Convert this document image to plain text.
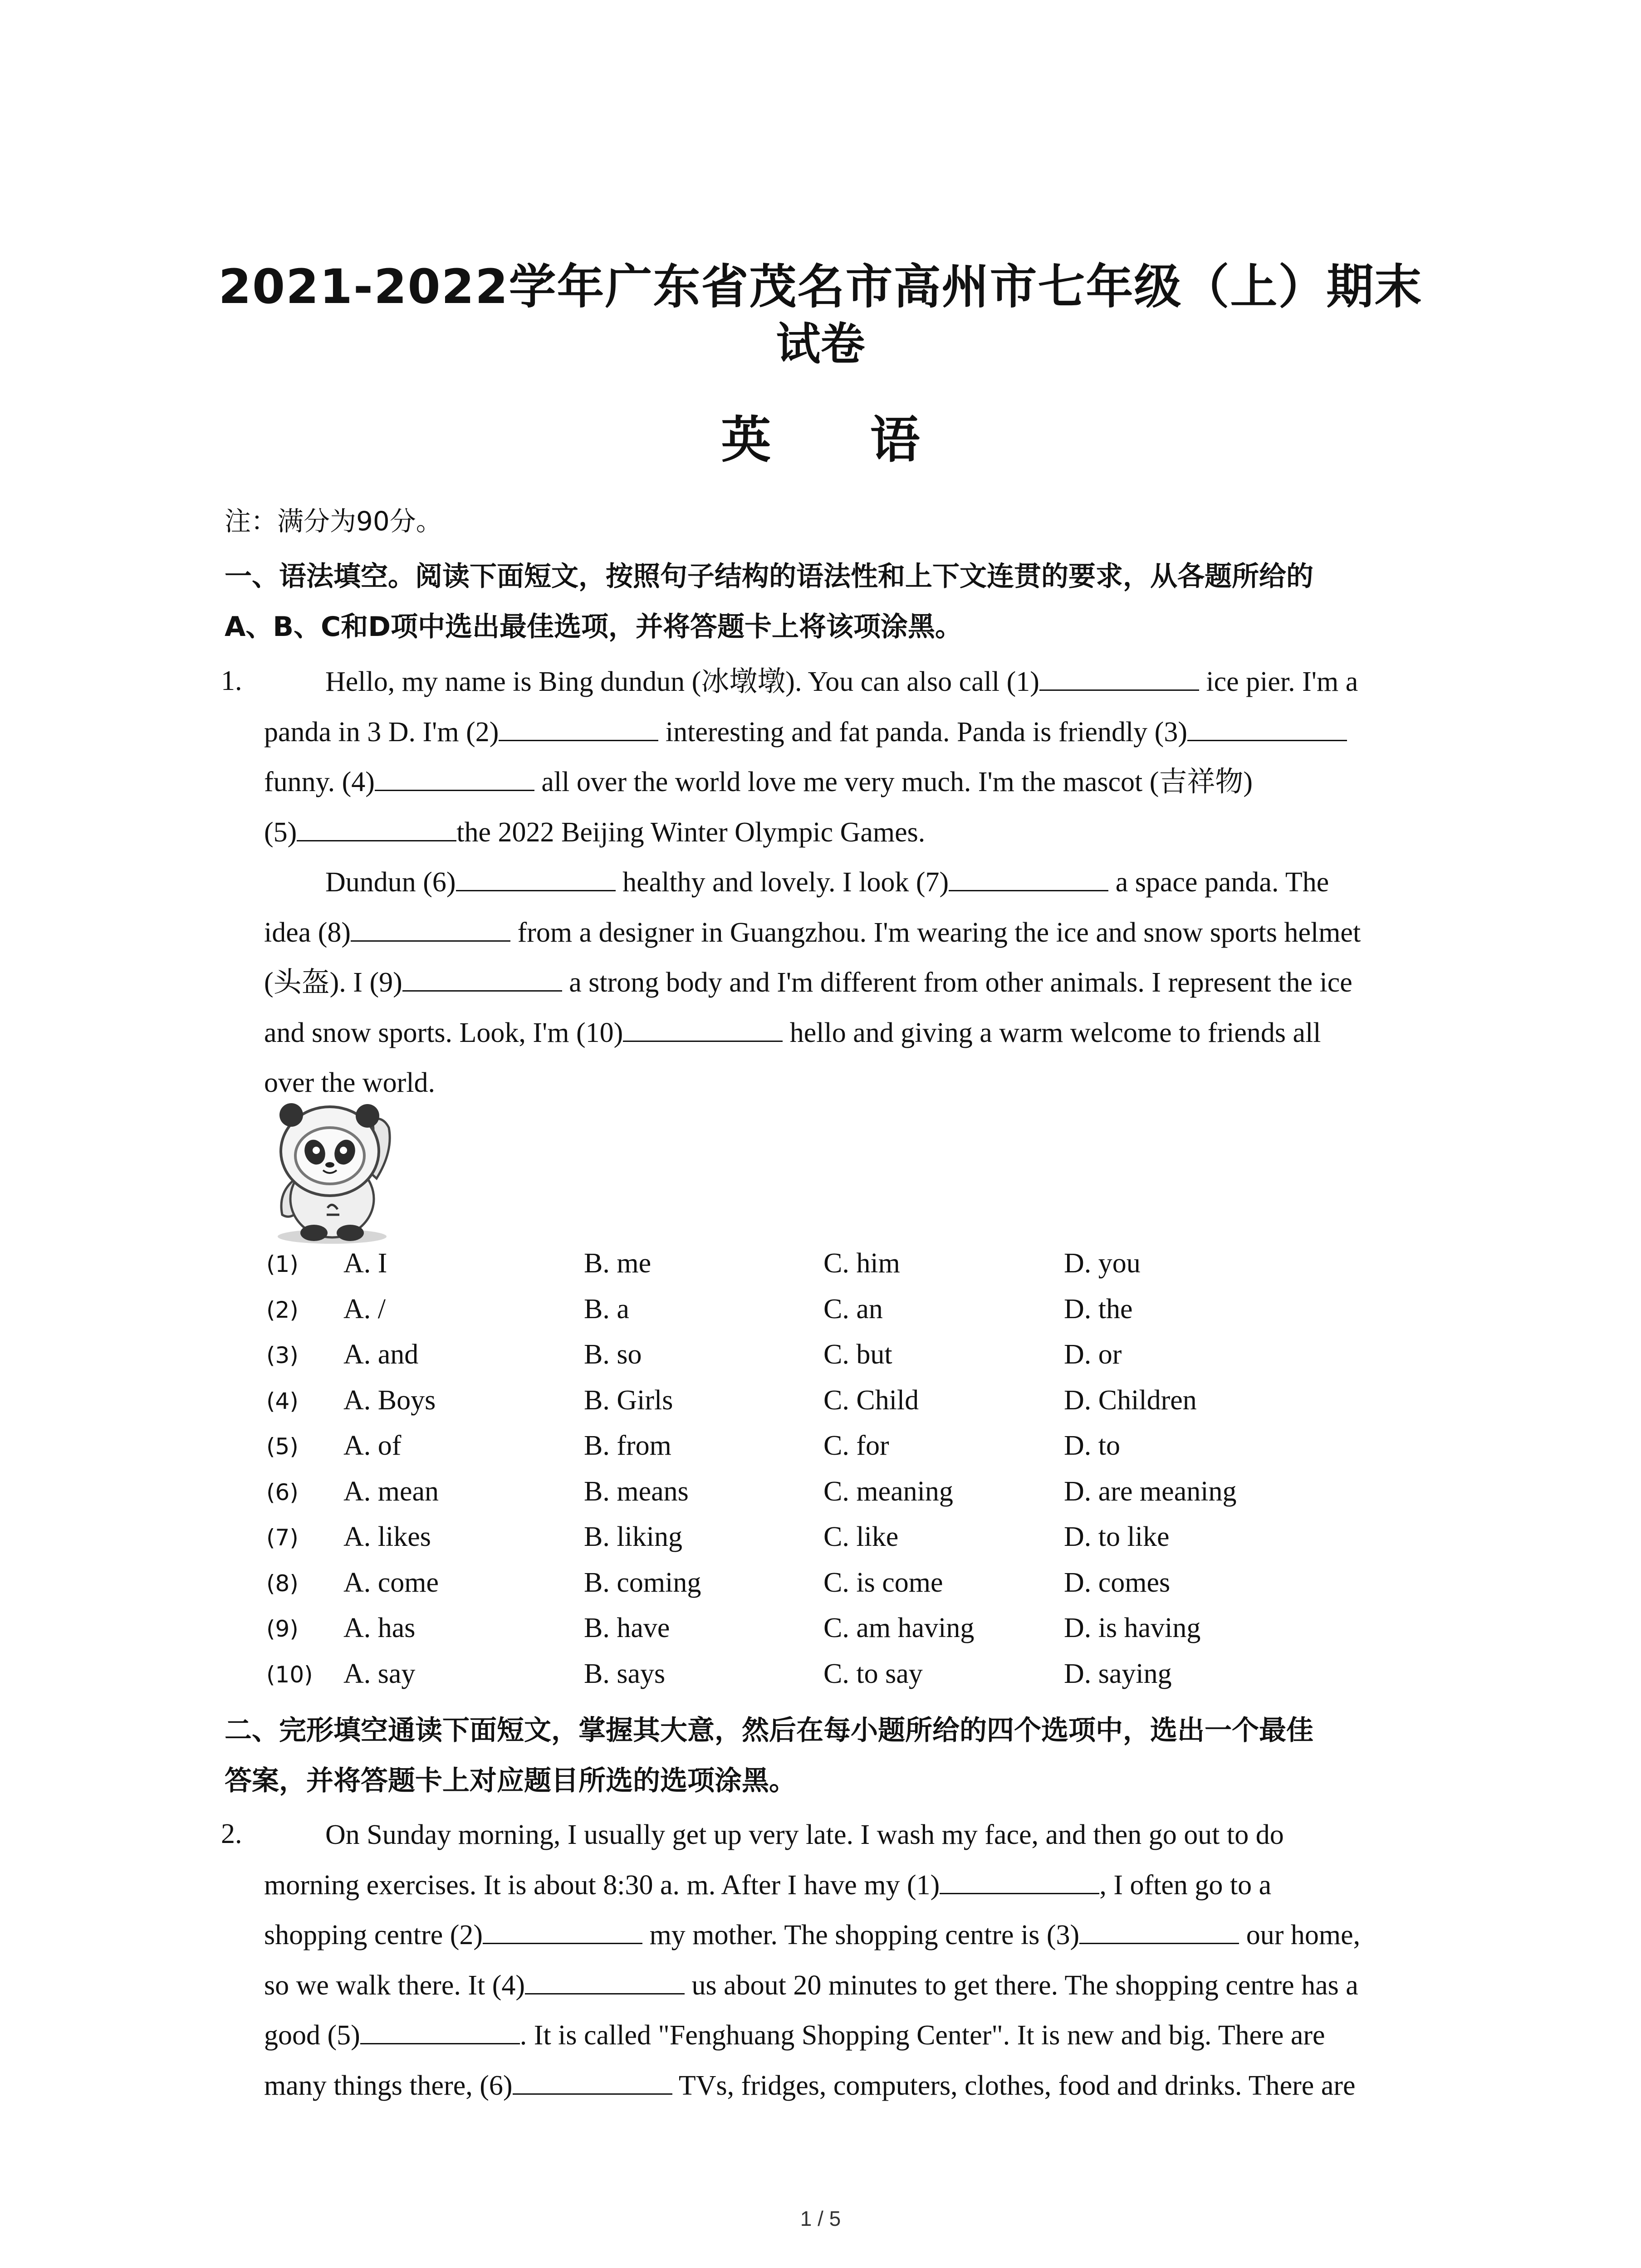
2021-2022学年广东省茂名市高州市七年级（上）期末
试卷
英 语
注：满分为90分。
一、语法填空。阅读下面短文，按照句子结构的语法性和上下文连贯的要求，从各题所给的
A、B、C和D项中选出最佳选项，并将答题卡上将该项涂黑。
1.	Hello, my name is Bing dundun (冰墩墩). You can also call (1)	ice pier. I'm a
panda in 3 D. I'm (2)	interesting and fat panda. Panda is friendly (3)
funny. (4)	all over the world love me very much. I'm the mascot (吉祥物)
(5)	the 2022 Beijing Winter Olympic Games.
Dundun (6)	healthy and lovely. I look (7)	a space panda. The
idea (8)	from a designer in Guangzhou. I'm wearing the ice and snow sports helmet
(头盔). I (9)	a strong body and I'm different from other animals. I represent the ice
and snow sports. Look, I'm (10)	hello and giving a warm welcome to friends all
over the world.
(1) A. I	B. me	C. him	D. you
(2) A. /	B. a	C. an	D. the
(3) A. and	B. so	C. but	D. or
(4) A. Boys	B. Girls	C. Child	D. Children
(5) A. of	B. from	C. for	D. to
(6) A. mean	B. means	C. meaning	D. are meaning
(7) A. likes	B. liking	C. like	D. to like
(8) A. come	B. coming	C. is come	D. comes
(9) A. has	B. have	C. am having	D. is having
(10) A. say	B. says	C. to say	D. saying
二、完形填空通读下面短文，掌握其大意，然后在每小题所给的四个选项中，选出一个最佳
答案，并将答题卡上对应题目所选的选项涂黑。
2.	On Sunday morning, I usually get up very late. I wash my face, and then go out to do
morning exercises. It is about 8:30 a. m. After I have my (1)	, I often go to a
shopping centre (2)	my mother. The shopping centre is (3)	our home,
so we walk there. It (4)	us about 20 minutes to get there. The shopping centre has a
good (5)	. It is called "Fenghuang Shopping Center". It is new and big. There are
many things there, (6)	TVs, fridges, computers, clothes, food and drinks. There are
1 / 5
